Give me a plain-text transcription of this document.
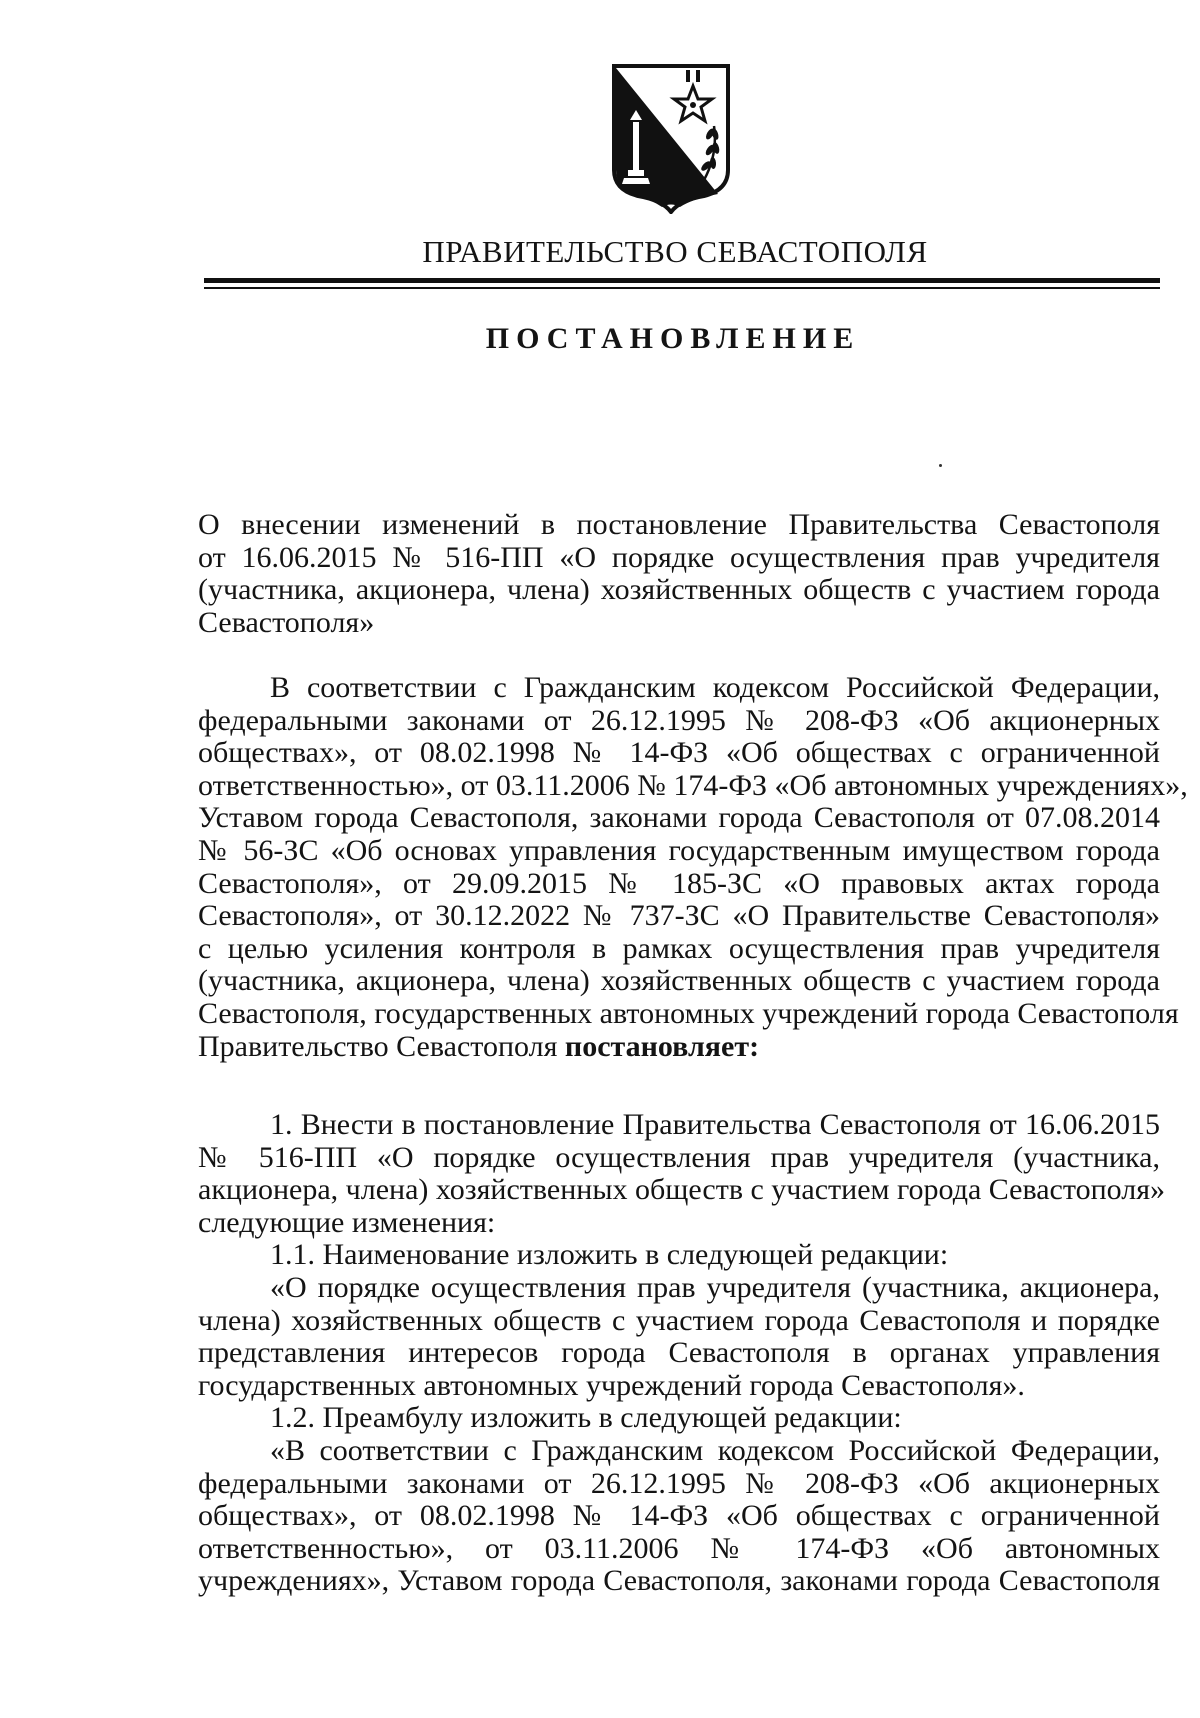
ПРАВИТЕЛЬСТВО СЕВАСТОПОЛЯ
ПОСТАНОВЛЕНИЕ
О внесении изменений в постановление Правительства Севастополя
от 16.06.2015 № 516-ПП «О порядке осуществления прав учредителя
(участника, акционера, члена) хозяйственных обществ с участием города
Севастополя»
В соответствии с Гражданским кодексом Российской Федерации,
федеральными законами от 26.12.1995 № 208-ФЗ «Об акционерных
обществах», от 08.02.1998 № 14-ФЗ «Об обществах с ограниченной
ответственностью», от 03.11.2006 № 174-ФЗ «Об автономных учреждениях»,
Уставом города Севастополя, законами города Севастополя от 07.08.2014
№ 56-ЗС «Об основах управления государственным имуществом города
Севастополя», от 29.09.2015 № 185-ЗС «О правовых актах города
Севастополя», от 30.12.2022 № 737-ЗС «О Правительстве Севастополя»
с целью усиления контроля в рамках осуществления прав учредителя
(участника, акционера, члена) хозяйственных обществ с участием города
Севастополя, государственных автономных учреждений города Севастополя
Правительство Севастополя постановляет:
1. Внести в постановление Правительства Севастополя от 16.06.2015
№ 516-ПП «О порядке осуществления прав учредителя (участника,
акционера, члена) хозяйственных обществ с участием города Севастополя»
следующие изменения:
1.1. Наименование изложить в следующей редакции:
«О порядке осуществления прав учредителя (участника, акционера,
члена) хозяйственных обществ с участием города Севастополя и порядке
представления интересов города Севастополя в органах управления
государственных автономных учреждений города Севастополя».
1.2. Преамбулу изложить в следующей редакции:
«В соответствии с Гражданским кодексом Российской Федерации,
федеральными законами от 26.12.1995 № 208-ФЗ «Об акционерных
обществах», от 08.02.1998 № 14-ФЗ «Об обществах с ограниченной
ответственностью», от 03.11.2006 № 174-ФЗ «Об автономных
учреждениях», Уставом города Севастополя, законами города Севастополя
